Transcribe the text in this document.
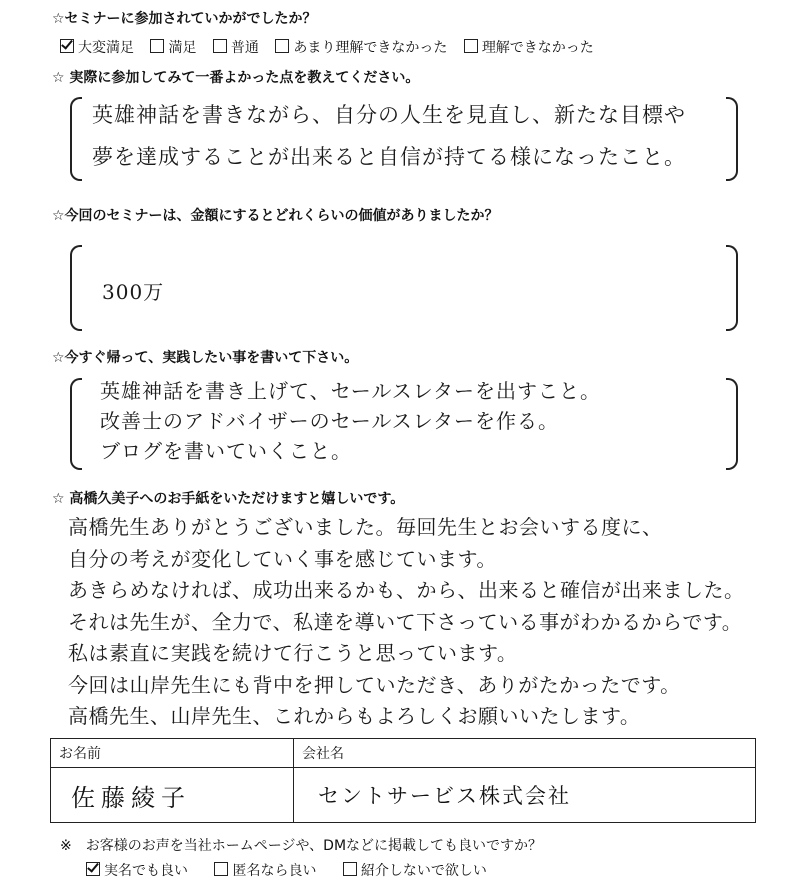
☆セミナーに参加されていかがでしたか？
大変満足 満足 普通 あまり理解できなかった 理解できなかった
☆ 実際に参加してみて一番よかった点を教えてください。
英雄神話を書きながら、自分の人生を見直し、新たな目標や
夢を達成することが出来ると自信が持てる様になったこと。
☆今回のセミナーは、金額にするとどれくらいの価値がありましたか？
300万
☆今すぐ帰って、実践したい事を書いて下さい。
英雄神話を書き上げて、セールスレターを出すこと。
改善士のアドバイザーのセールスレターを作る。
ブログを書いていくこと。
☆ 高橋久美子へのお手紙をいただけますと嬉しいです。
高橋先生ありがとうございました。毎回先生とお会いする度に、
自分の考えが変化していく事を感じています。
あきらめなければ、成功出来るかも、から、出来ると確信が出来ました。
それは先生が、全力で、私達を導いて下さっている事がわかるからです。
私は素直に実践を続けて行こうと思っています。
今回は山岸先生にも背中を押していただき、ありがたかったです。
高橋先生、山岸先生、これからもよろしくお願いいたします。
お名前	会社名
佐藤綾子	セントサービス株式会社
※　お客様のお声を当社ホームページや、DMなどに掲載しても良いですか？
実名でも良い	匿名なら良い	紹介しないで欲しい
